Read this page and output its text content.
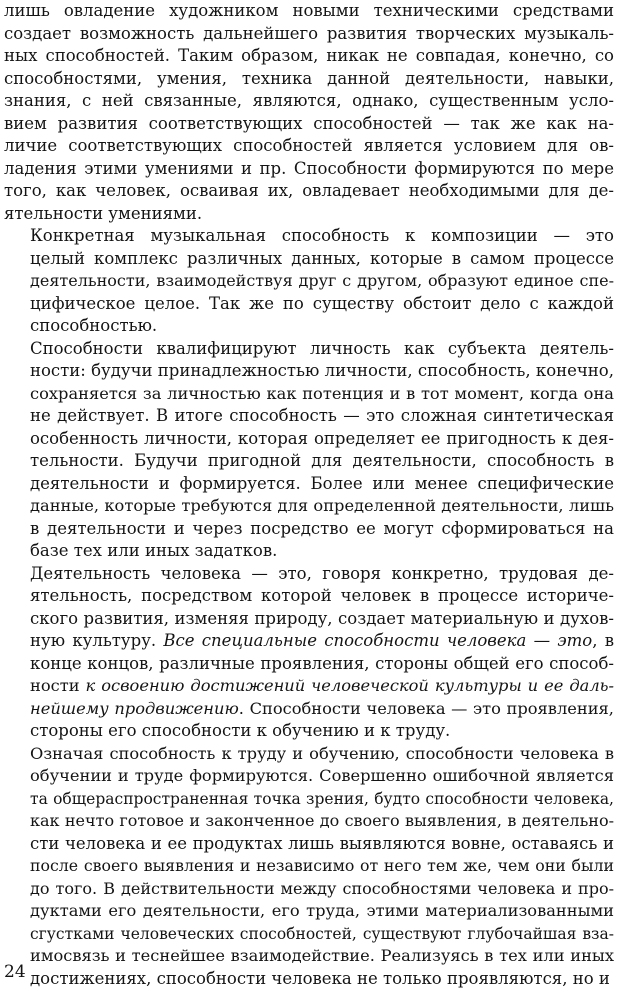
лишь овладение художником новыми техническими средствами
создает возможность дальнейшего развития творческих музыкаль-
ных способностей. Таким образом, никак не совпадая, конечно, со
способностями, умения, техника данной деятельности, навыки,
знания, с ней связанные, являются, однако, существенным усло-
вием развития соответствующих способностей — так же как на-
личие соответствующих способностей является условием для ов-
ладения этими умениями и пр. Способности формируются по мере
того, как человек, осваивая их, овладевает необходимыми для де-
ятельности умениями.

Конкретная музыкальная способность к композиции — это
целый комплекс различных данных, которые в самом процессе
деятельности, взаимодействуя друг с другом, образуют единое спе-
цифическое целое. Так же по существу обстоит дело с каждой
способностью.

Способности квалифицируют личность как субъекта деятель-
ности: будучи принадлежностью личности, способность, конечно,
сохраняется за личностью как потенция и в тот момент, когда она
не действует. В итоге способность — это сложная синтетическая
особенность личности, которая определяет ее пригодность к дея-
тельности. Будучи пригодной для деятельности, способность в
деятельности и формируется. Более или менее специфические
данные, которые требуются для определенной деятельности, лишь
в деятельности и через посредство ее могут сформироваться на
базе тех или иных задатков.

Деятельность человека — это, говоря конкретно, трудовая де-
ятельность, посредством которой человек в процессе историче-
ского развития, изменяя природу, создает материальную и духов-
ную культуру. Все специальные способности человека — это, в
конце концов, различные проявления, стороны общей его способ-
ности к освоению достижений человеческой культуры и ее даль-
нейшему продвижению. Способности человека — это проявления,
стороны его способности к обучению и к труду.

Означая способность к труду и обучению, способности человека в
обучении и труде формируются. Совершенно ошибочной является
та общераспространенная точка зрения, будто способности человека,
как нечто готовое и законченное до своего выявления, в деятельно-
сти человека и ее продуктах лишь выявляются вовне, оставаясь и
после своего выявления и независимо от него тем же, чем они были
до того. В действительности между способностями человека и про-
дуктами его деятельности, его труда, этими материализованными
сгустками человеческих способностей, существуют глубочайшая вза-
имосвязь и теснейшее взаимодействие. Реализуясь в тех или иных
достижениях, способности человека не только проявляются, но и

24
